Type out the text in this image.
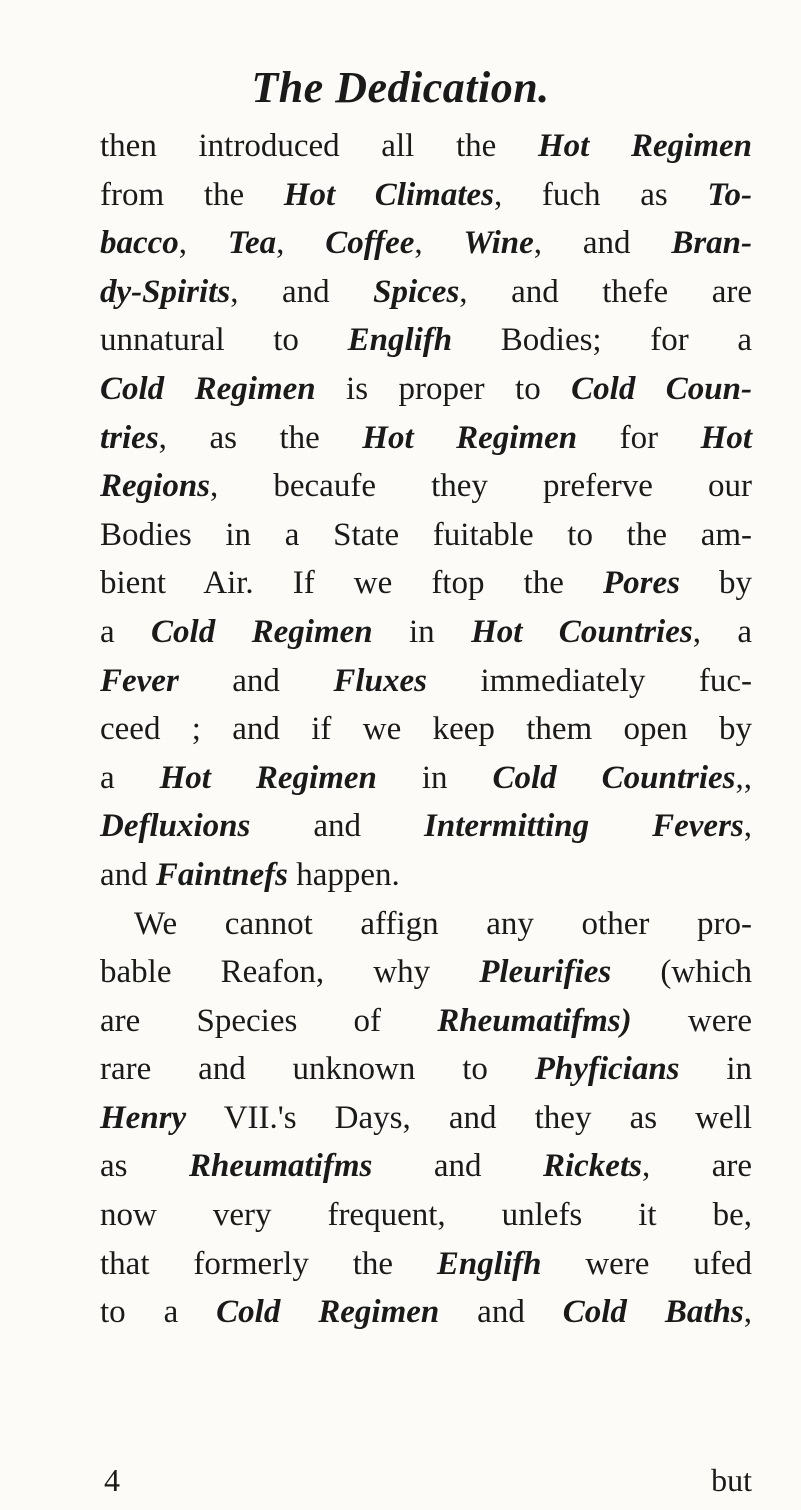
The Dedication.
then introduced all the Hot Regimen
from the Hot Climates, fuch as To-
bacco, Tea, Coffee, Wine, and Bran-
dy-Spirits, and Spices, and thefe are
unnatural to Englifh Bodies; for a
Cold Regimen is proper to Cold Coun-
tries, as the Hot Regimen for Hot
Regions, becaufe they preferve our
Bodies in a State fuitable to the am-
bient Air. If we ftop the Pores by
a Cold Regimen in Hot Countries, a
Fever and Fluxes immediately fuc-
ceed ; and if we keep them open by
a Hot Regimen in Cold Countries,,
Defluxions and Intermitting Fevers,
and Faintnefs happen.
We cannot affign any other pro-
bable Reafon, why Pleurifies (which
are Species of Rheumatifms) were
rare and unknown to Phyficians in
Henry VII.'s Days, and they as well
as Rheumatifms and Rickets, are
now very frequent, unlefs it be,
that formerly the Englifh were ufed
to a Cold Regimen and Cold Baths,
4	but
